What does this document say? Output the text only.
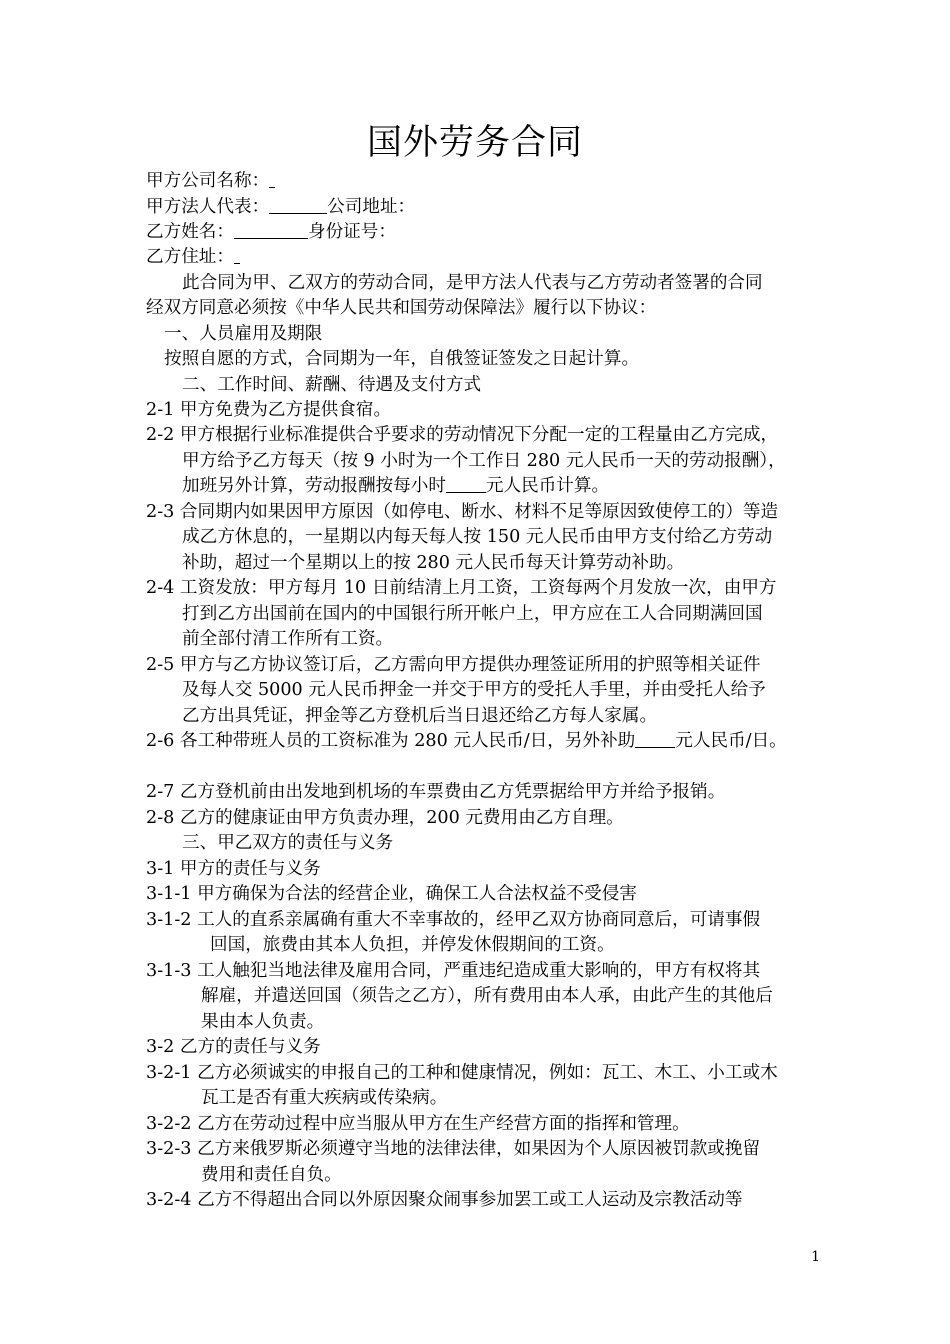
国外劳务合同
甲方公司名称：
甲方法人代表：	公司地址：
乙方姓名：	身份证号：
乙方住址：
此合同为甲、乙双方的劳动合同，是甲方法人代表与乙方劳动者签署的合同
经双方同意必须按《中华人民共和国劳动保障法》履行以下协议：
一、人员雇用及期限
按照自愿的方式，合同期为一年，自俄签证签发之日起计算。
二、工作时间、薪酬、待遇及支付方式
2-1 甲方免费为乙方提供食宿。
2-2 甲方根据行业标准提供合乎要求的劳动情况下分配一定的工程量由乙方完成，
甲方给予乙方每天（按 9 小时为一个工作日 280 元人民币一天的劳动报酬），
加班另外计算，劳动报酬按每小时 元人民币计算。
2-3 合同期内如果因甲方原因（如停电、断水、材料不足等原因致使停工的）等造
成乙方休息的，一星期以内每天每人按 150 元人民币由甲方支付给乙方劳动
补助，超过一个星期以上的按 280 元人民币每天计算劳动补助。
2-4 工资发放：甲方每月 10 日前结清上月工资，工资每两个月发放一次，由甲方
打到乙方出国前在国内的中国银行所开帐户上，甲方应在工人合同期满回国
前全部付清工作所有工资。
2-5 甲方与乙方协议签订后，乙方需向甲方提供办理签证所用的护照等相关证件
及每人交 5000 元人民币押金一并交于甲方的受托人手里，并由受托人给予
乙方出具凭证，押金等乙方登机后当日退还给乙方每人家属。
2-6 各工种带班人员的工资标准为 280 元人民币/日，另外补助 元人民币/日。
2-7 乙方登机前由出发地到机场的车票费由乙方凭票据给甲方并给予报销。
2-8 乙方的健康证由甲方负责办理，200 元费用由乙方自理。
三、甲乙双方的责任与义务
3-1 甲方的责任与义务
3-1-1 甲方确保为合法的经营企业，确保工人合法权益不受侵害
3-1-2 工人的直系亲属确有重大不幸事故的，经甲乙双方协商同意后，可请事假
回国，旅费由其本人负担，并停发休假期间的工资。
3-1-3 工人触犯当地法律及雇用合同，严重违纪造成重大影响的，甲方有权将其
解雇，并遣送回国（须告之乙方），所有费用由本人承，由此产生的其他后
果由本人负责。
3-2 乙方的责任与义务
3-2-1 乙方必须诚实的申报自己的工种和健康情况，例如：瓦工、木工、小工或木
瓦工是否有重大疾病或传染病。
3-2-2 乙方在劳动过程中应当服从甲方在生产经营方面的指挥和管理。
3-2-3 乙方来俄罗斯必须遵守当地的法律法律，如果因为个人原因被罚款或挽留
费用和责任自负。
3-2-4 乙方不得超出合同以外原因聚众闹事参加罢工或工人运动及宗教活动等
1
